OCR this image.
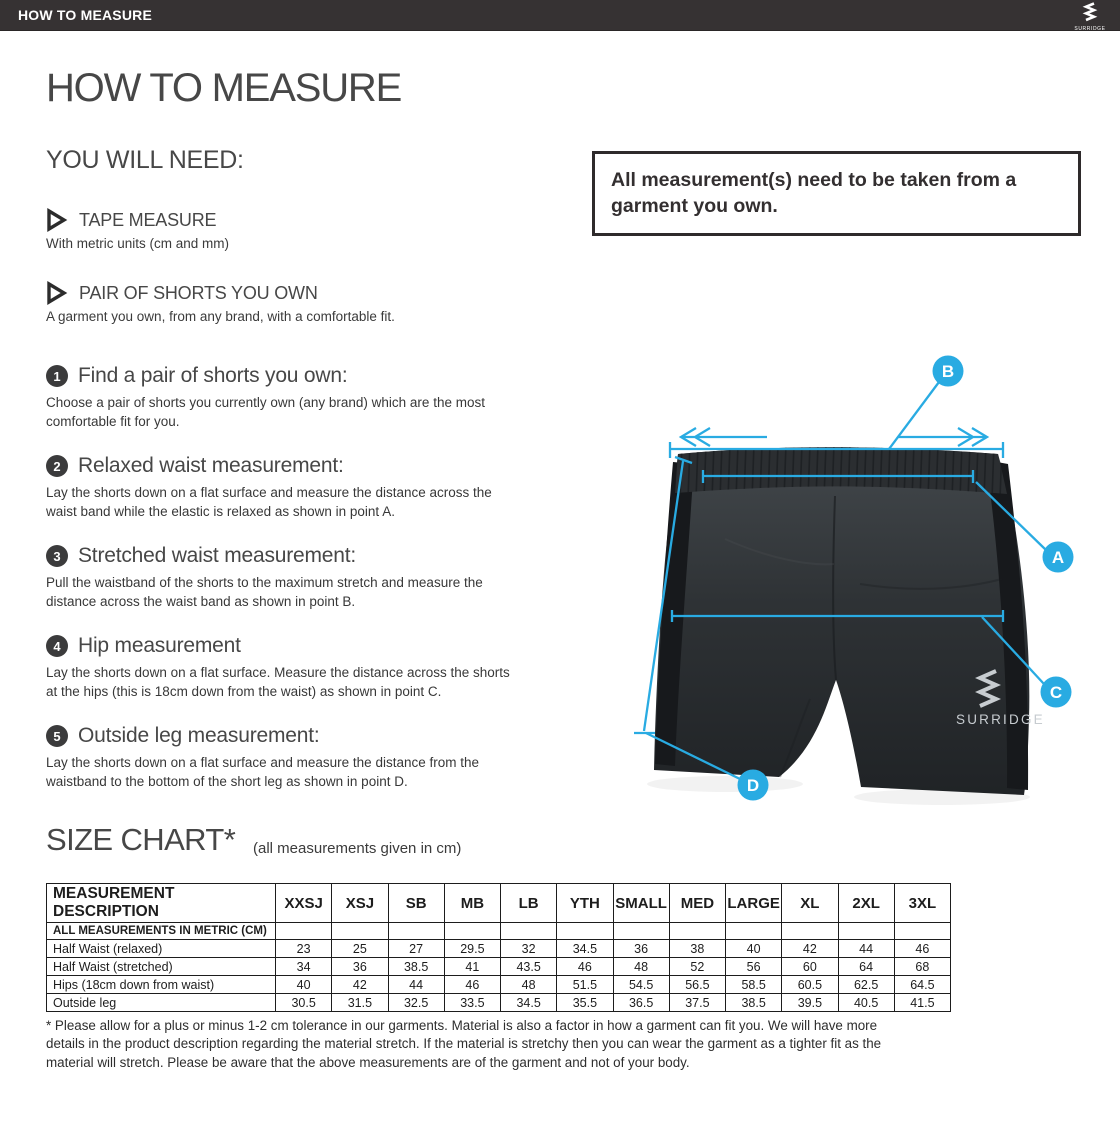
HOW TO MEASURE
SURRIDGE
HOW TO MEASURE
YOU WILL NEED:
All measurement(s) need to be taken from a garment you own.
TAPE MEASURE
With metric units (cm and mm)
PAIR OF SHORTS YOU OWN
A garment you own, from any brand, with a comfortable fit.
1 Find a pair of shorts you own:

Choose a pair of shorts you currently own (any brand) which are the most comfortable fit for you.

2 Relaxed waist measurement:

Lay the shorts down on a flat surface and measure the distance across the waist band while the elastic is relaxed as shown in point A.

3 Stretched waist measurement:

Pull the waistband of the shorts to the maximum stretch and measure the distance across the waist band as shown in point B.

4 Hip measurement

Lay the shorts down on a flat surface. Measure the distance across the shorts at the hips (this is 18cm down from the waist) as shown in point C.

5 Outside leg measurement:

Lay the shorts down on a flat surface and measure the distance from the waistband to the bottom of the short leg as shown in point D.

SURRIDGE
B
A
C
D
SIZE CHART* (all measurements given in cm)
MEASUREMENT DESCRIPTION	XXSJ	XSJ	SB	MB	LB	YTH	SMALL	MED	LARGE	XL	2XL	3XL
ALL MEASUREMENTS IN METRIC (CM)												
Half Waist (relaxed)	23	25	27	29.5	32	34.5	36	38	40	42	44	46
Half Waist (stretched)	34	36	38.5	41	43.5	46	48	52	56	60	64	68
Hips (18cm down from waist)	40	42	44	46	48	51.5	54.5	56.5	58.5	60.5	62.5	64.5
Outside leg	30.5	31.5	32.5	33.5	34.5	35.5	36.5	37.5	38.5	39.5	40.5	41.5

* Please allow for a plus or minus 1-2 cm tolerance in our garments. Material is also a factor in how a garment can fit you. We will have more details in the product description regarding the material stretch. If the material is stretchy then you can wear the garment as a tighter fit as the material will stretch. Please be aware that the above measurements are of the garment and not of your body.
